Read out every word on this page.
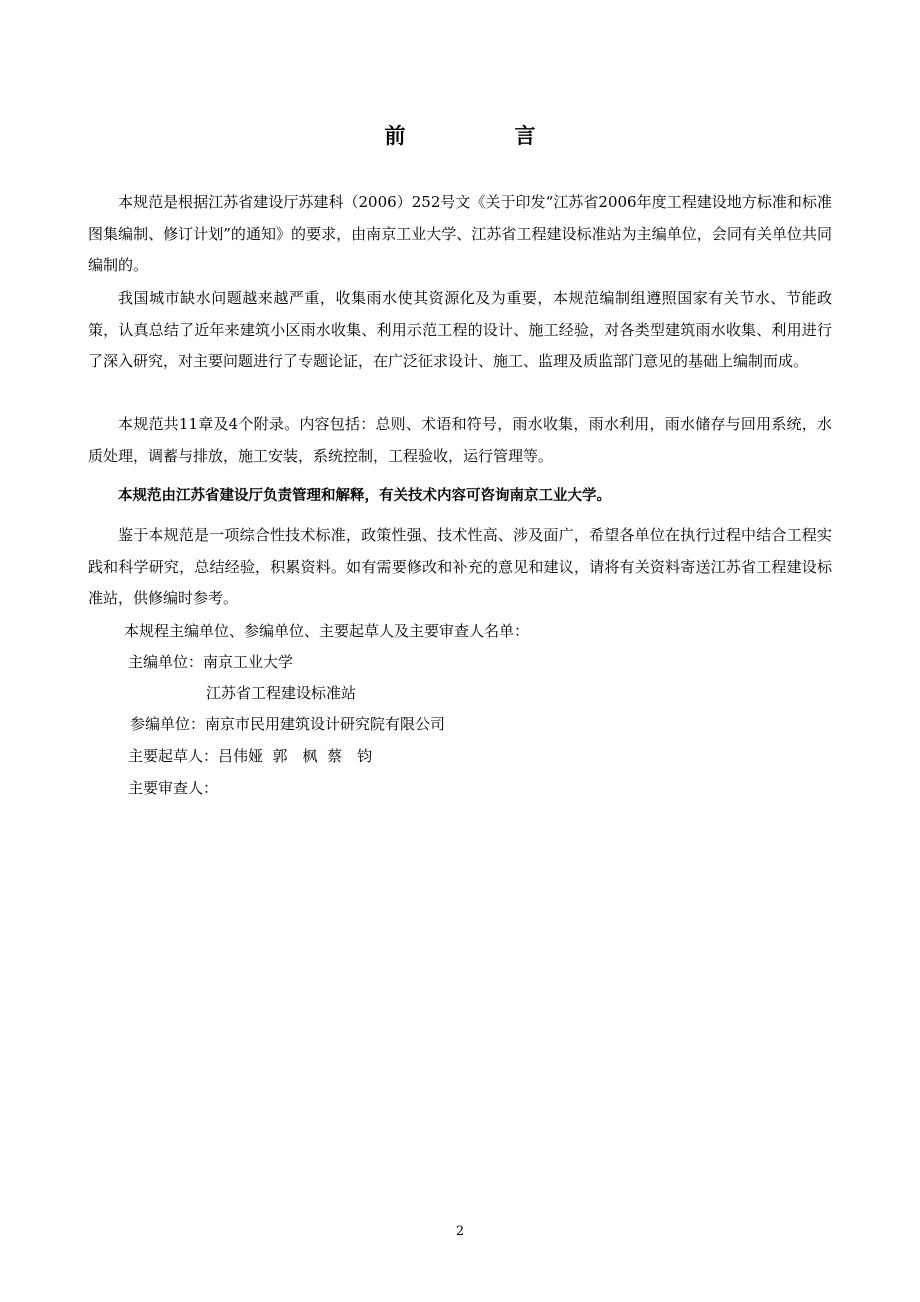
前　言

本规范是根据江苏省建设厅苏建科（2006）252号文《关于印发“江苏省2006年度工程建设地方标准和标准图集编制、修订计划”的通知》的要求，由南京工业大学、江苏省工程建设标准站为主编单位，会同有关单位共同编制的。

我国城市缺水问题越来越严重，收集雨水使其资源化及为重要，本规范编制组遵照国家有关节水、节能政策，认真总结了近年来建筑小区雨水收集、利用示范工程的设计、施工经验，对各类型建筑雨水收集、利用进行了深入研究，对主要问题进行了专题论证，在广泛征求设计、施工、监理及质监部门意见的基础上编制而成。

本规范共11章及4个附录。内容包括：总则、术语和符号，雨水收集，雨水利用，雨水储存与回用系统，水质处理，调蓄与排放，施工安装，系统控制，工程验收，运行管理等。

本规范由江苏省建设厅负责管理和解释，有关技术内容可咨询南京工业大学。

鉴于本规范是一项综合性技术标准，政策性强、技术性高、涉及面广，希望各单位在执行过程中结合工程实践和科学研究，总结经验，积累资料。如有需要修改和补充的意见和建议，请将有关资料寄送江苏省工程建设标准站，供修编时参考。

本规程主编单位、参编单位、主要起草人及主要审查人名单：
主编单位：南京工业大学
江苏省工程建设标准站
参编单位：南京市民用建筑设计研究院有限公司
主要起草人：吕伟娅  郭　枫  蔡　钧
主要审查人：
2
